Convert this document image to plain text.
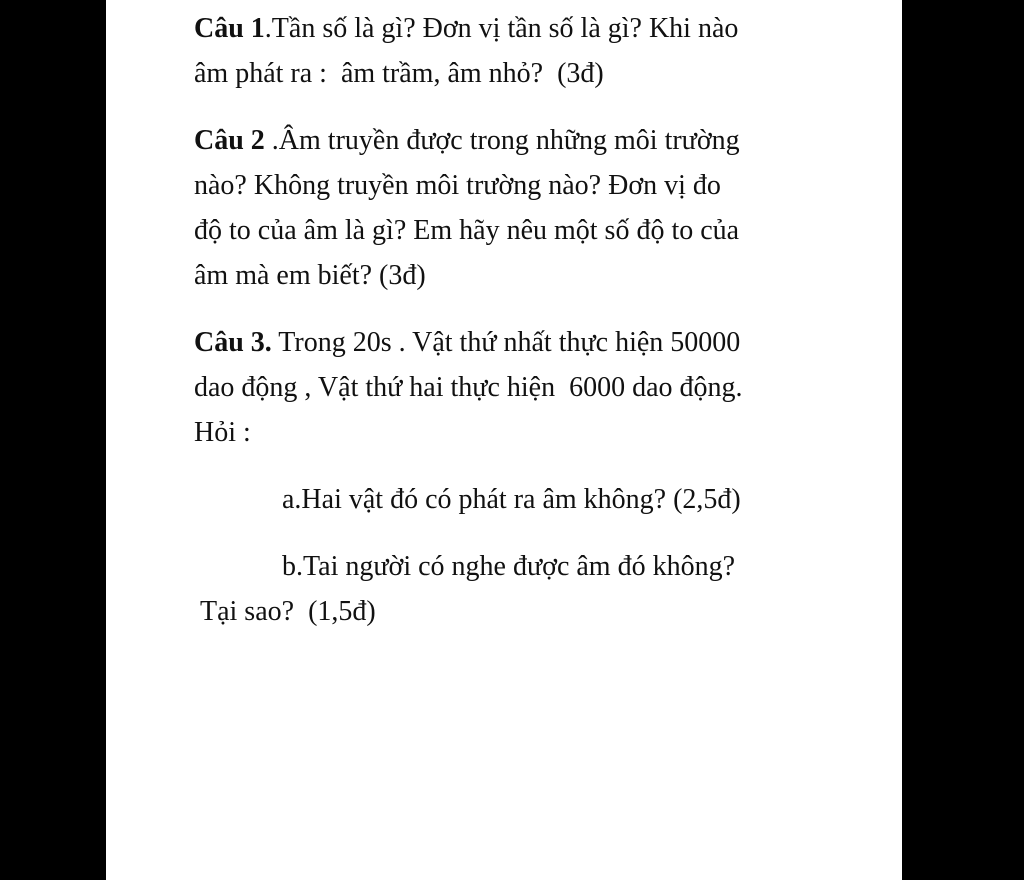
Câu 1.Tần số là gì? Đơn vị tần số là gì? Khi nào
âm phát ra :  âm trầm, âm nhỏ?  (3đ)
Câu 2 .Âm truyền được trong những môi trường
nào? Không truyền môi trường nào? Đơn vị đo
độ to của âm là gì? Em hãy nêu một số độ to của
âm mà em biết? (3đ)
Câu 3. Trong 20s . Vật thứ nhất thực hiện 50000
dao động , Vật thứ hai thực hiện  6000 dao động.
Hỏi :
a.Hai vật đó có phát ra âm không? (2,5đ)
b.Tai người có nghe được âm đó không?
Tại sao?  (1,5đ)
